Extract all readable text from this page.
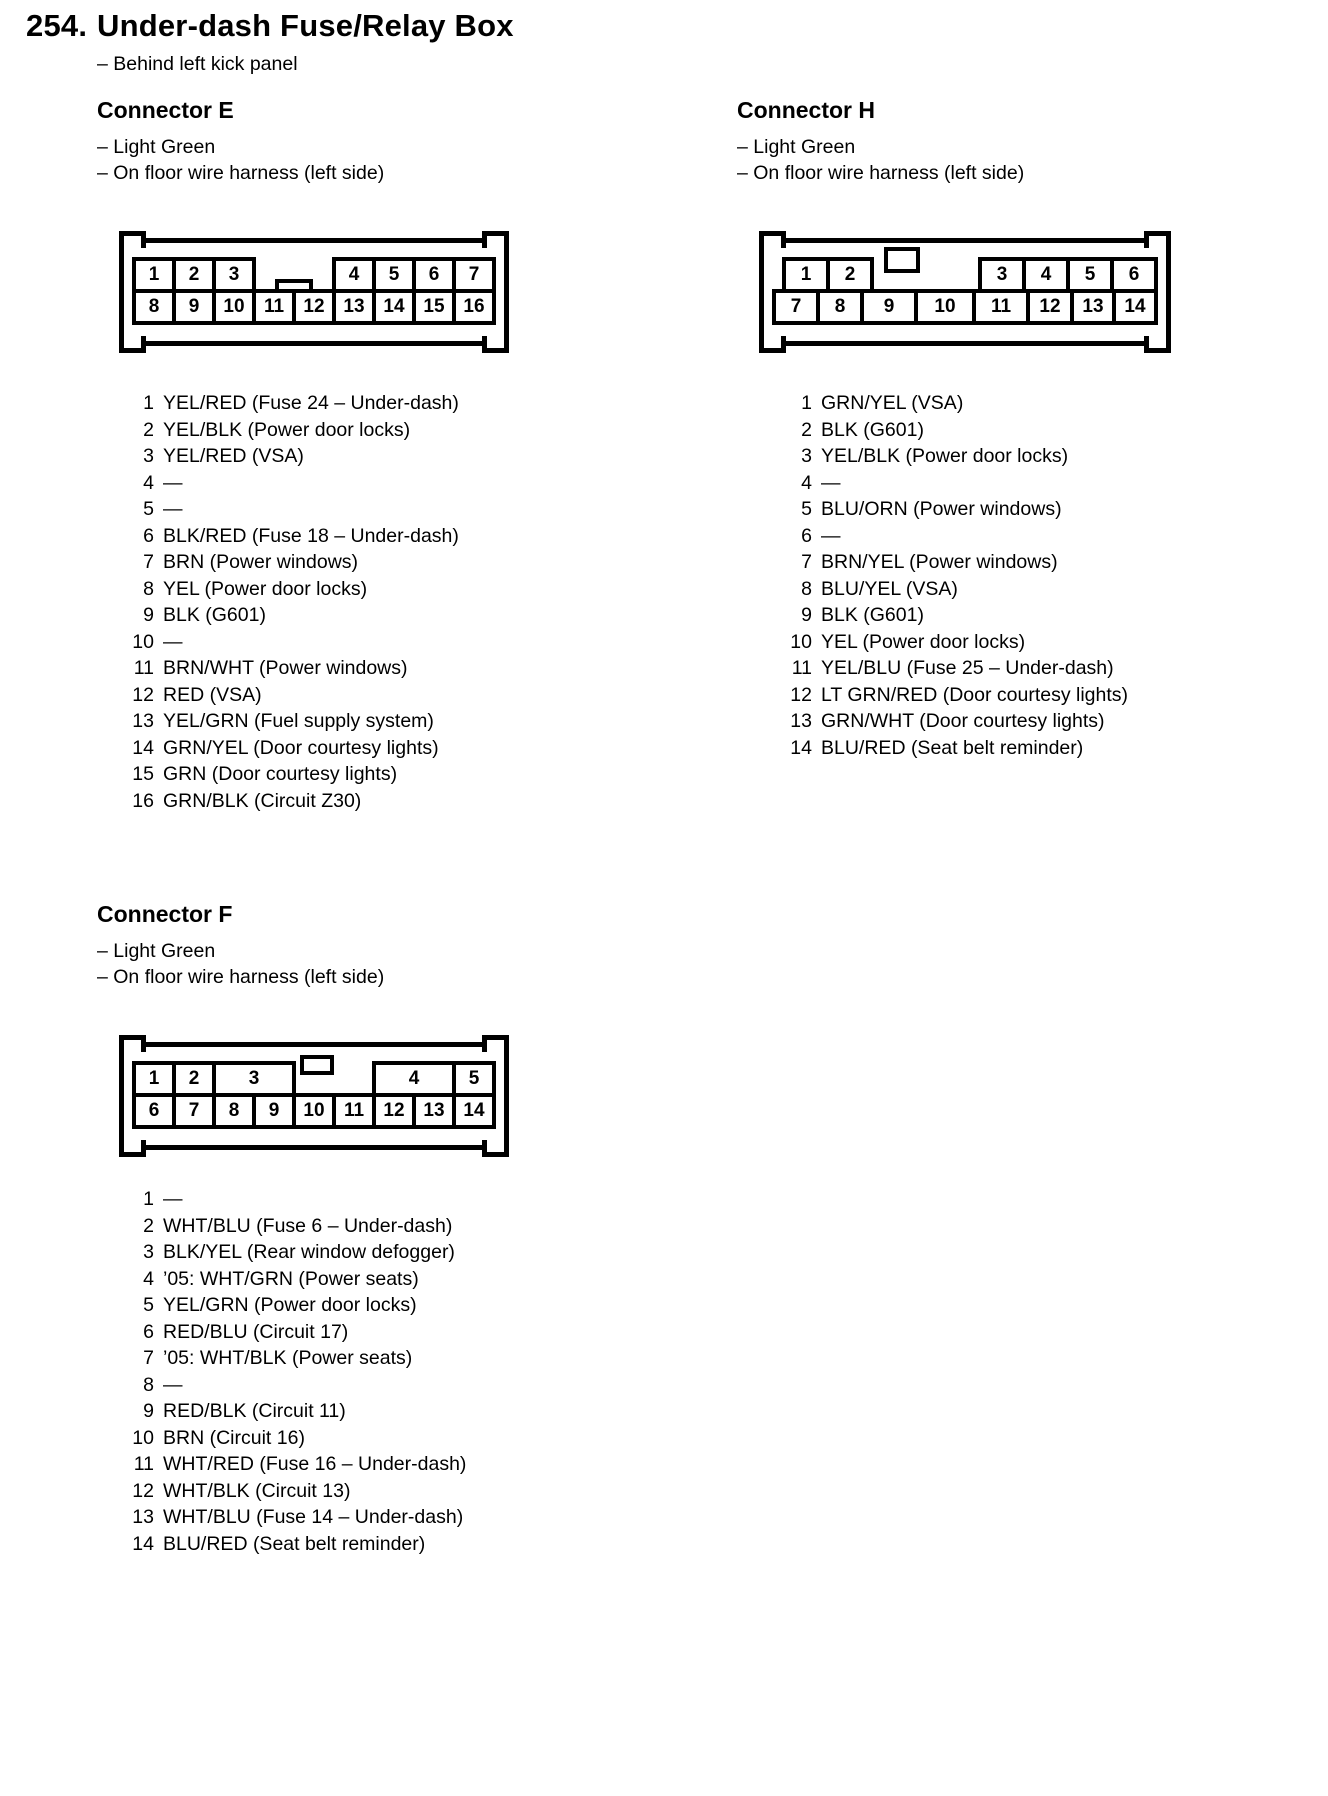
254. Under-dash Fuse/Relay Box
– Behind left kick panel
Connector E
– Light Green
– On floor wire harness (left side)
1	2	3	4	5	6	7
8	9	10	11	12 13 14 15 16
1 YEL/RED (Fuse 24 – Under-dash)
2 YEL/BLK (Power door locks)
3 YEL/RED (VSA)
4 —
5 —
6 BLK/RED (Fuse 18 – Under-dash)
7 BRN (Power windows)
8 YEL (Power door locks)
9 BLK (G601)
10 —
11 BRN/WHT (Power windows)
12 RED (VSA)
13 YEL/GRN (Fuel supply system)
14 GRN/YEL (Door courtesy lights)
15 GRN (Door courtesy lights)
16 GRN/BLK (Circuit Z30)
Connector H
– Light Green
– On floor wire harness (left side)
1	2	3	4	5	6
7	8	9	10	11	12	13	14
1 GRN/YEL (VSA)
2 BLK (G601)
3 YEL/BLK (Power door locks)
4 —
5 BLU/ORN (Power windows)
6 —
7 BRN/YEL (Power windows)
8 BLU/YEL (VSA)
9 BLK (G601)
10 YEL (Power door locks)
11 YEL/BLU (Fuse 25 – Under-dash)
12 LT GRN/RED (Door courtesy lights)
13 GRN/WHT (Door courtesy lights)
14 BLU/RED (Seat belt reminder)
Connector F
– Light Green
– On floor wire harness (left side)
1	2	3	4	5
6	7	8	9	10	11	12 13 14
1 —
2 WHT/BLU (Fuse 6 – Under-dash)
3 BLK/YEL (Rear window defogger)
4 ’05: WHT/GRN (Power seats)
5 YEL/GRN (Power door locks)
6 RED/BLU (Circuit 17)
7 ’05: WHT/BLK (Power seats)
8 —
9 RED/BLK (Circuit 11)
10 BRN (Circuit 16)
11 WHT/RED (Fuse 16 – Under-dash)
12 WHT/BLK (Circuit 13)
13 WHT/BLU (Fuse 14 – Under-dash)
14 BLU/RED (Seat belt reminder)
